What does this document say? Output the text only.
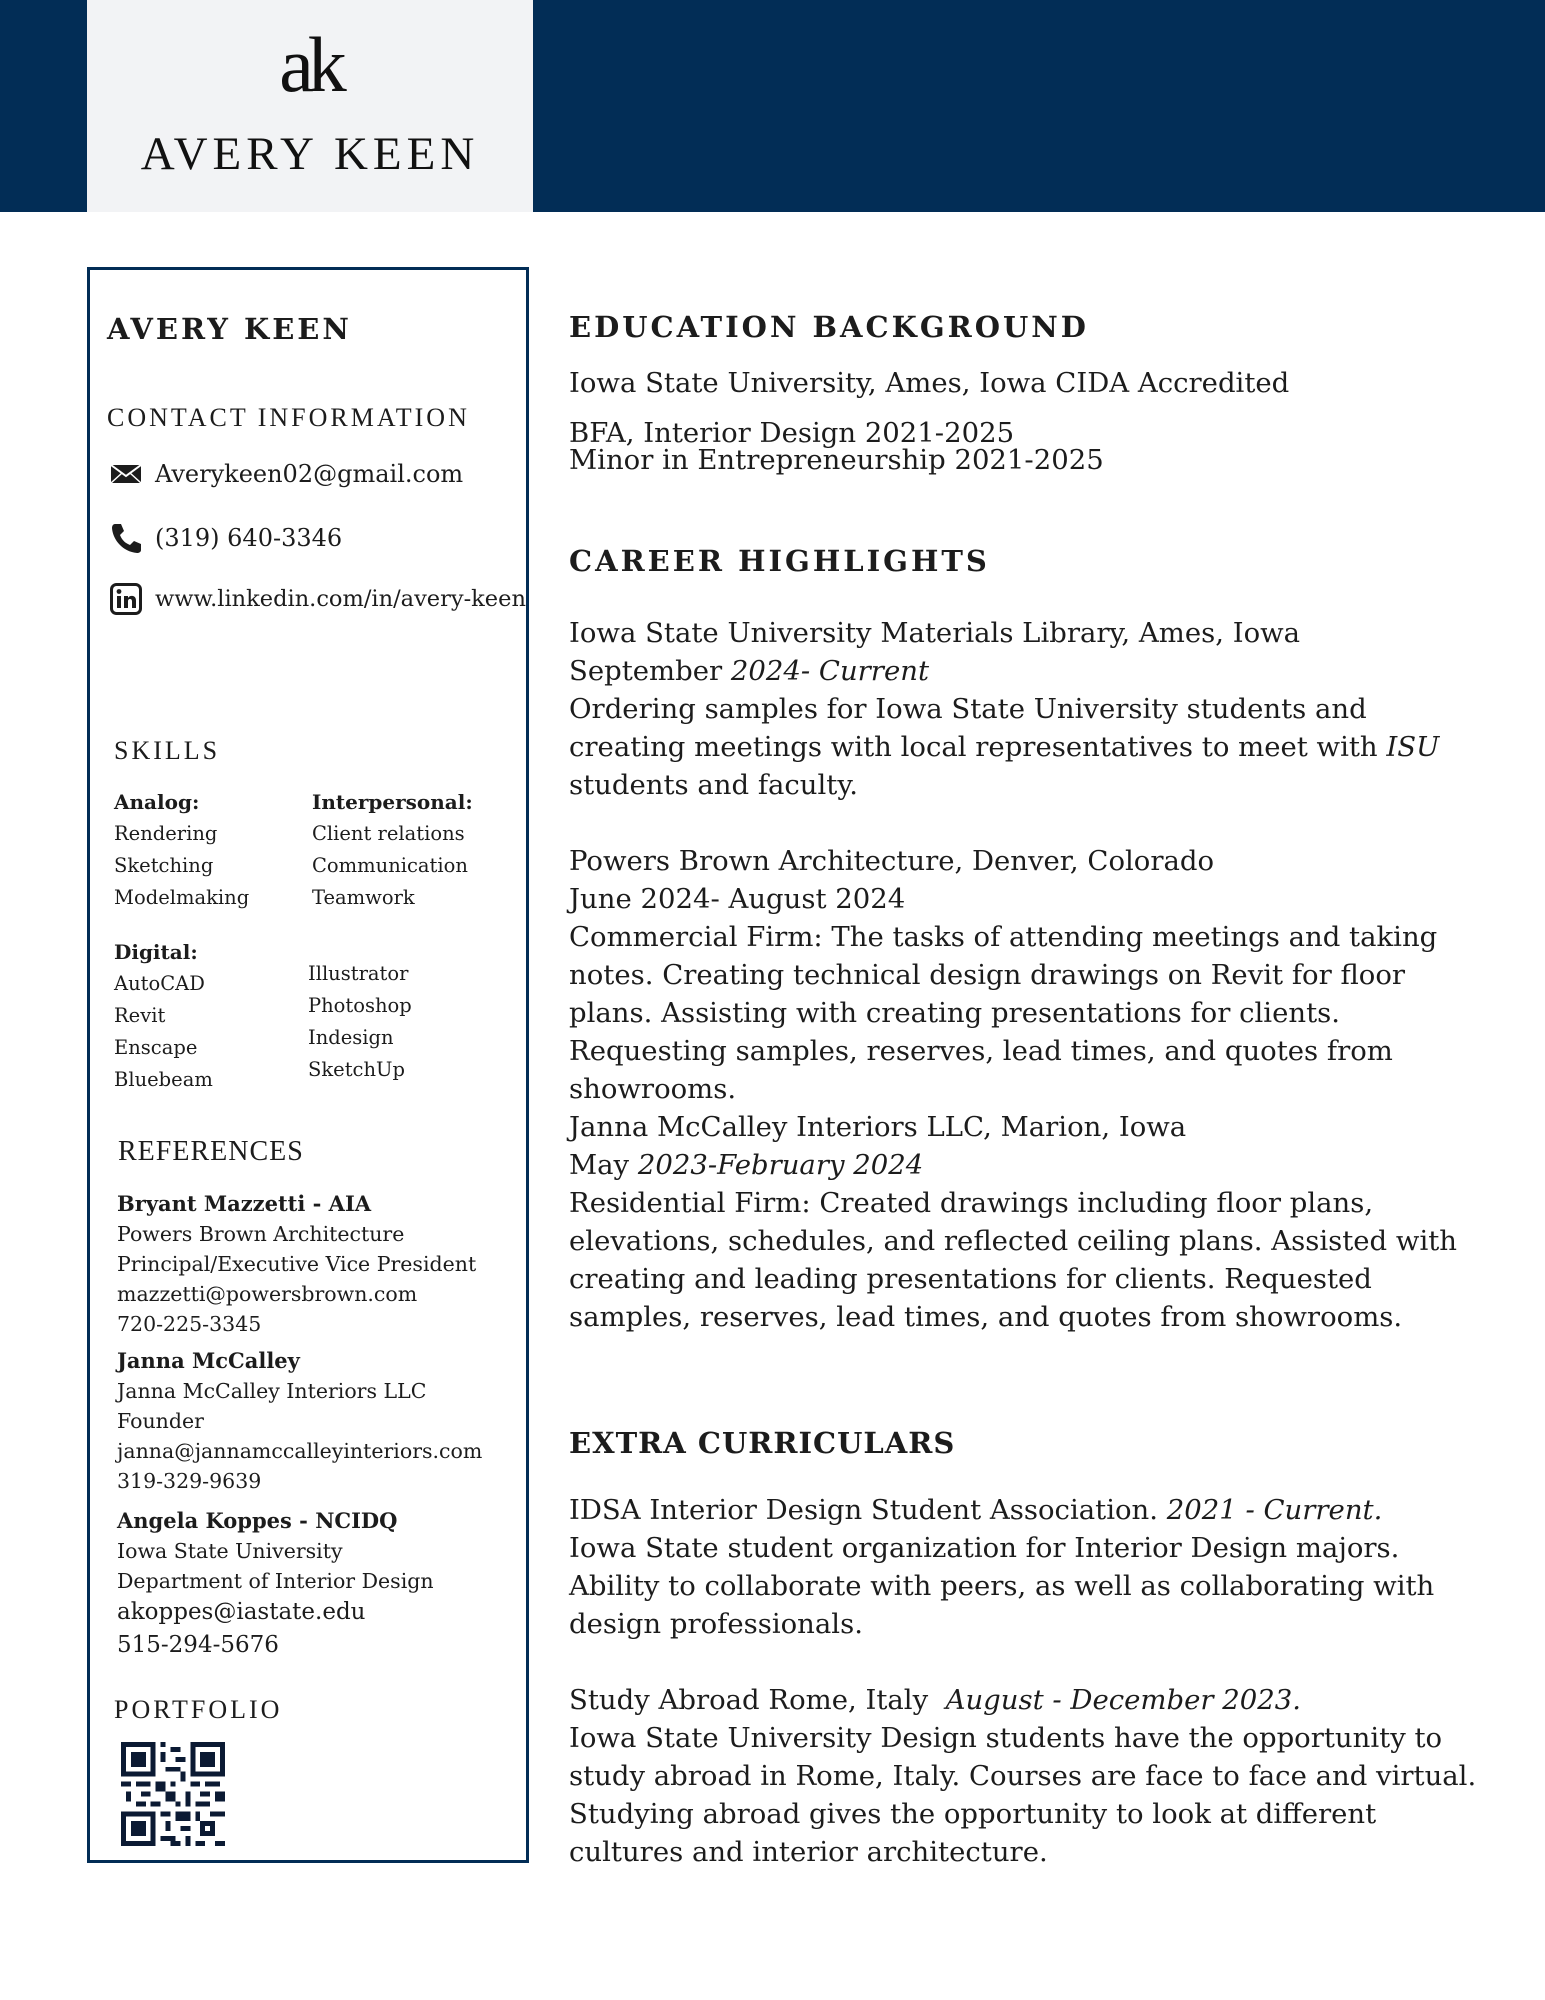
ak
AVERY KEEN
AVERY KEEN
CONTACT INFORMATION
Averykeen02@gmail.com
(319) 640-3346
www.linkedin.com/in/avery-keen
SKILLS
Analog:
Rendering
Sketching
Modelmaking
Interpersonal:
Client relations
Communication
Teamwork
Digital:
AutoCAD
Revit
Enscape
Bluebeam
Illustrator
Photoshop
Indesign
SketchUp
REFERENCES
Bryant Mazzetti - AIA
Powers Brown Architecture
Principal/Executive Vice President
mazzetti@powersbrown.com
720-225-3345
Janna McCalley
Janna McCalley Interiors LLC
Founder
janna@jannamccalleyinteriors.com
319-329-9639
Angela Koppes - NCIDQ
Iowa State University
Department of Interior Design
akoppes@iastate.edu
515-294-5676
PORTFOLIO
EDUCATION BACKGROUND
Iowa State University, Ames, Iowa CIDA Accredited
BFA, Interior Design 2021-2025
Minor in Entrepreneurship 2021-2025
CAREER HIGHLIGHTS
Iowa State University Materials Library, Ames, Iowa
September 2024- Current
Ordering samples for Iowa State University students and creating meetings with local representatives to meet with ISU students and faculty.
Powers Brown Architecture, Denver, Colorado
June 2024- August 2024
Commercial Firm: The tasks of attending meetings and taking notes. Creating technical design drawings on Revit for floor plans. Assisting with creating presentations for clients. Requesting samples, reserves, lead times, and quotes from showrooms.
Janna McCalley Interiors LLC, Marion, Iowa
May 2023-February 2024
Residential Firm: Created drawings including floor plans, elevations, schedules, and reflected ceiling plans. Assisted with creating and leading presentations for clients. Requested samples, reserves, lead times, and quotes from showrooms.
EXTRA CURRICULARS
IDSA Interior Design Student Association. 2021 - Current.
Iowa State student organization for Interior Design majors. Ability to collaborate with peers, as well as collaborating with design professionals.
Study Abroad Rome, Italy  August - December 2023.
Iowa State University Design students have the opportunity to study abroad in Rome, Italy. Courses are face to face and virtual. Studying abroad gives the opportunity to look at different cultures and interior architecture.
